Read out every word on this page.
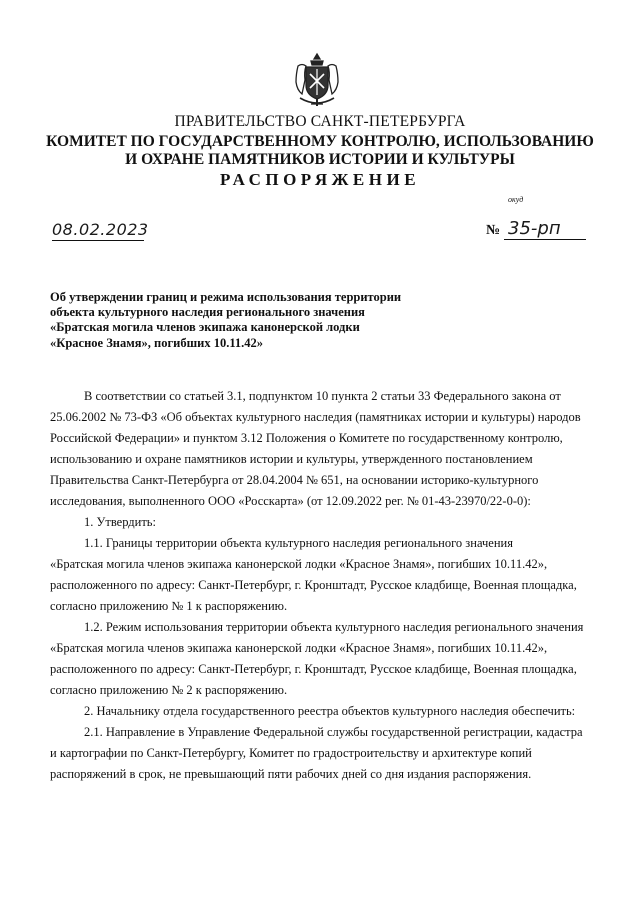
ПРАВИТЕЛЬСТВО САНКТ-ПЕТЕРБУРГА
КОМИТЕТ ПО ГОСУДАРСТВЕННОМУ КОНТРОЛЮ, ИСПОЛЬЗОВАНИЮ
И ОХРАНЕ ПАМЯТНИКОВ ИСТОРИИ И КУЛЬТУРЫ
РАСПОРЯЖЕНИЕ
окуд
08.02.2023	№ 35-рп
Об утверждении границ и режима использования территории
объекта культурного наследия регионального значения
«Братская могила членов экипажа канонерской лодки
«Красное Знамя», погибших 10.11.42»
В соответствии со статьей 3.1, подпунктом 10 пункта 2 статьи 33 Федерального закона от
25.06.2002 № 73-ФЗ «Об объектах культурного наследия (памятниках истории и культуры) народов
Российской Федерации» и пунктом 3.12 Положения о Комитете по государственному контролю,
использованию и охране памятников истории и культуры, утвержденного постановлением
Правительства Санкт-Петербурга от 28.04.2004 № 651, на основании историко-культурного
исследования, выполненного ООО «Росскарта» (от 12.09.2022 рег. № 01-43-23970/22-0-0):
1. Утвердить:
1.1. Границы территории объекта культурного наследия регионального значения
«Братская могила членов экипажа канонерской лодки «Красное Знамя», погибших 10.11.42»,
расположенного по адресу: Санкт-Петербург, г. Кронштадт, Русское кладбище, Военная площадка,
согласно приложению № 1 к распоряжению.
1.2. Режим использования территории объекта культурного наследия регионального значения
«Братская могила членов экипажа канонерской лодки «Красное Знамя», погибших 10.11.42»,
расположенного по адресу: Санкт-Петербург, г. Кронштадт, Русское кладбище, Военная площадка,
согласно приложению № 2 к распоряжению.
2. Начальнику отдела государственного реестра объектов культурного наследия обеспечить:
2.1. Направление в Управление Федеральной службы государственной регистрации, кадастра
и картографии по Санкт-Петербургу, Комитет по градостроительству и архитектуре копий
распоряжений в срок, не превышающий пяти рабочих дней со дня издания распоряжения.
